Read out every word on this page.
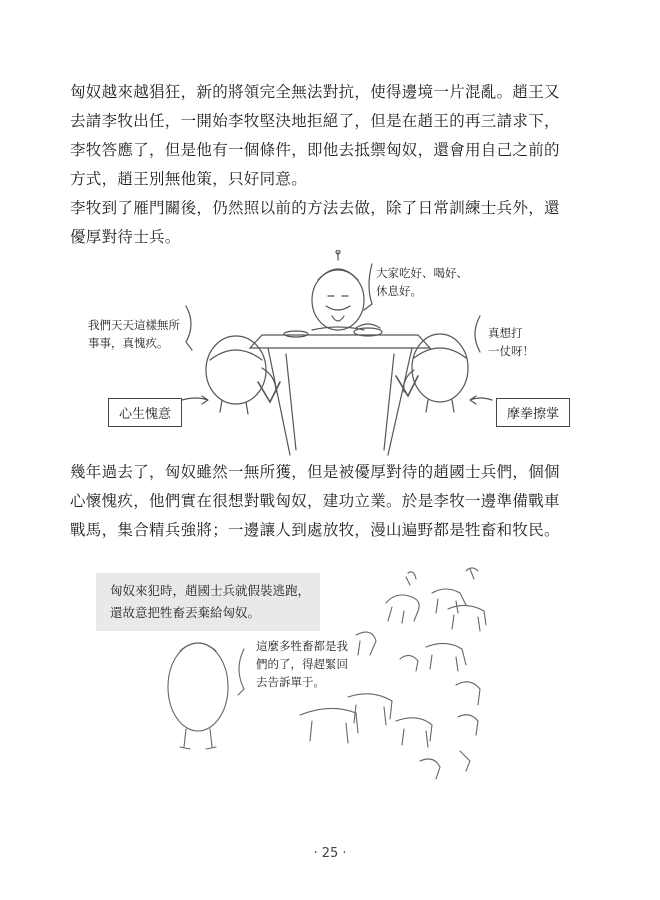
匈奴越來越猖狂，新的將領完全無法對抗，使得邊境一片混亂。趙王又
去請李牧出任，一開始李牧堅決地拒絕了，但是在趙王的再三請求下，
李牧答應了，但是他有一個條件，即他去抵禦匈奴，還會用自己之前的
方式，趙王別無他策，只好同意。
李牧到了雁門關後，仍然照以前的方法去做，除了日常訓練士兵外，還
優厚對待士兵。
大家吃好、喝好、
休息好。
我們天天這樣無所
事事，真愧疚。
真想打
一仗呀！
心生愧意	摩拳擦掌
幾年過去了，匈奴雖然一無所獲，但是被優厚對待的趙國士兵們，個個
心懷愧疚，他們實在很想對戰匈奴，建功立業。於是李牧一邊準備戰車
戰馬，集合精兵強將；一邊讓人到處放牧，漫山遍野都是牲畜和牧民。
匈奴來犯時，趙國士兵就假裝逃跑，
還故意把牲畜丟棄給匈奴。
這麼多牲畜都是我
們的了，得趕緊回
去告訴單于。
· 25 ·
